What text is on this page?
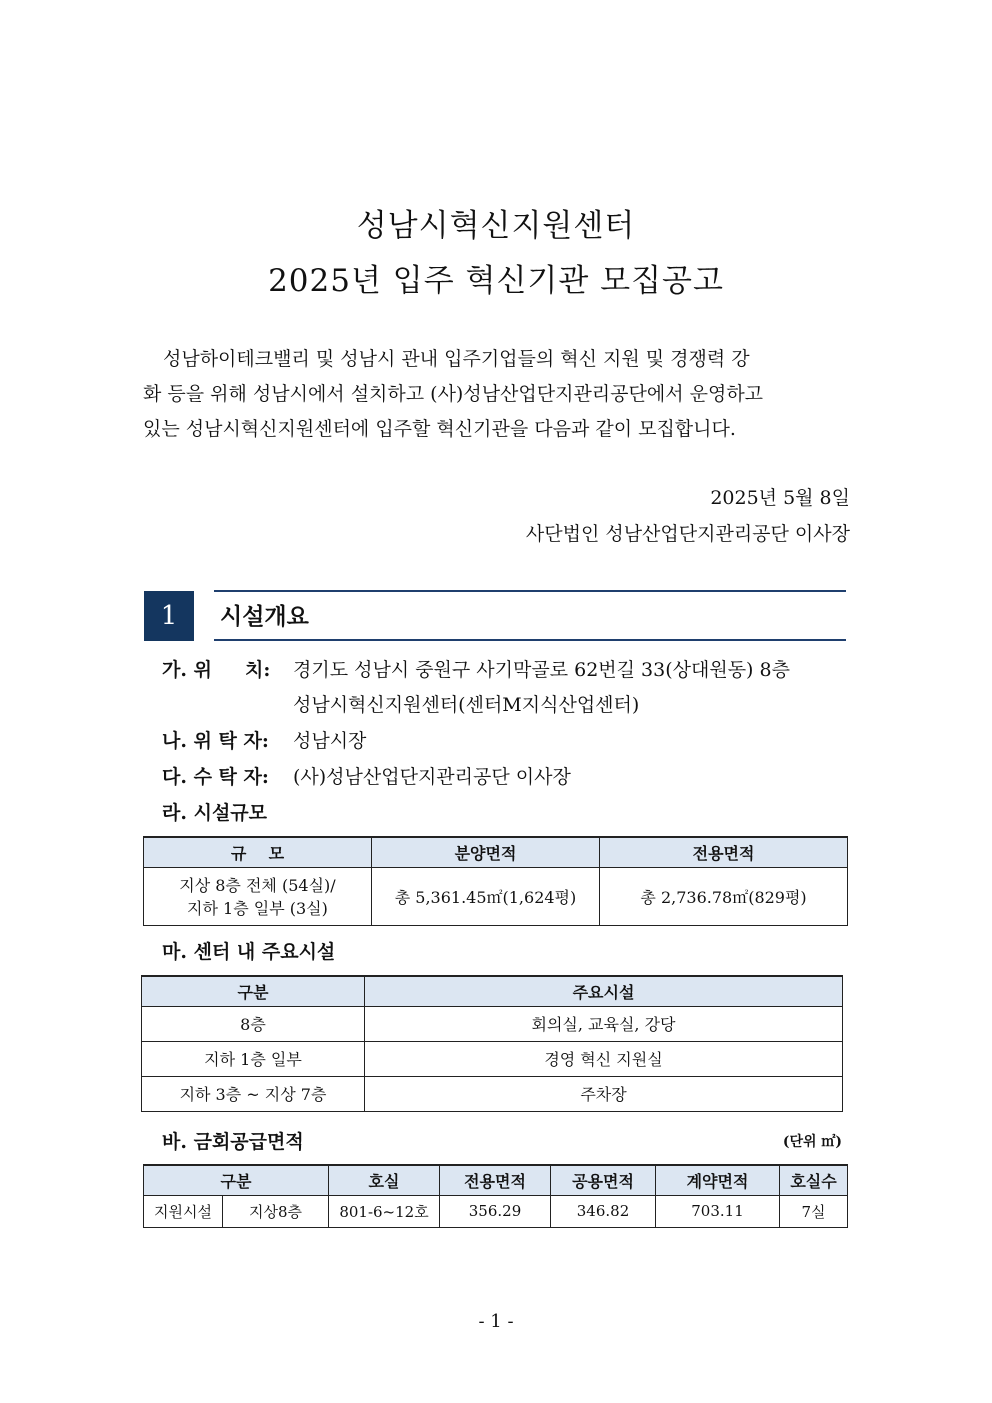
성남시혁신지원센터
2025년 입주 혁신기관 모집공고
성남하이테크밸리 및 성남시 관내 입주기업들의 혁신 지원 및 경쟁력 강
화 등을 위해 성남시에서 설치하고 (사)성남산업단지관리공단에서 운영하고
있는 성남시혁신지원센터에 입주할 혁신기관을 다음과 같이 모집합니다.
2025년 5월 8일
사단법인 성남산업단지관리공단 이사장
1	시설개요
가. 위     치: 경기도 성남시 중원구 사기막골로 62번길 33(상대원동) 8층
성남시혁신지원센터(센터M지식산업센터)
나. 위 탁 자: 성남시장
다. 수 탁 자: (사)성남산업단지관리공단 이사장
라. 시설규모
규    모	분양면적	전용면적

지상 8층 전체 (54실)/
지하 1층 일부 (3실)	총 5,361.45㎡(1,624평)	총 2,736.78㎡(829평)
마. 센터 내 주요시설
구분	주요시설
8층	회의실, 교육실, 강당
지하 1층 일부	경영 혁신 지원실
지하 3층 ~ 지상 7층	주차장
바. 금회공급면적	(단위 ㎡)
구분		호실	전용면적	공용면적	계약면적	호실수
지원시설	지상8층	801-6~12호	356.29	346.82	703.11	7실
- 1 -
